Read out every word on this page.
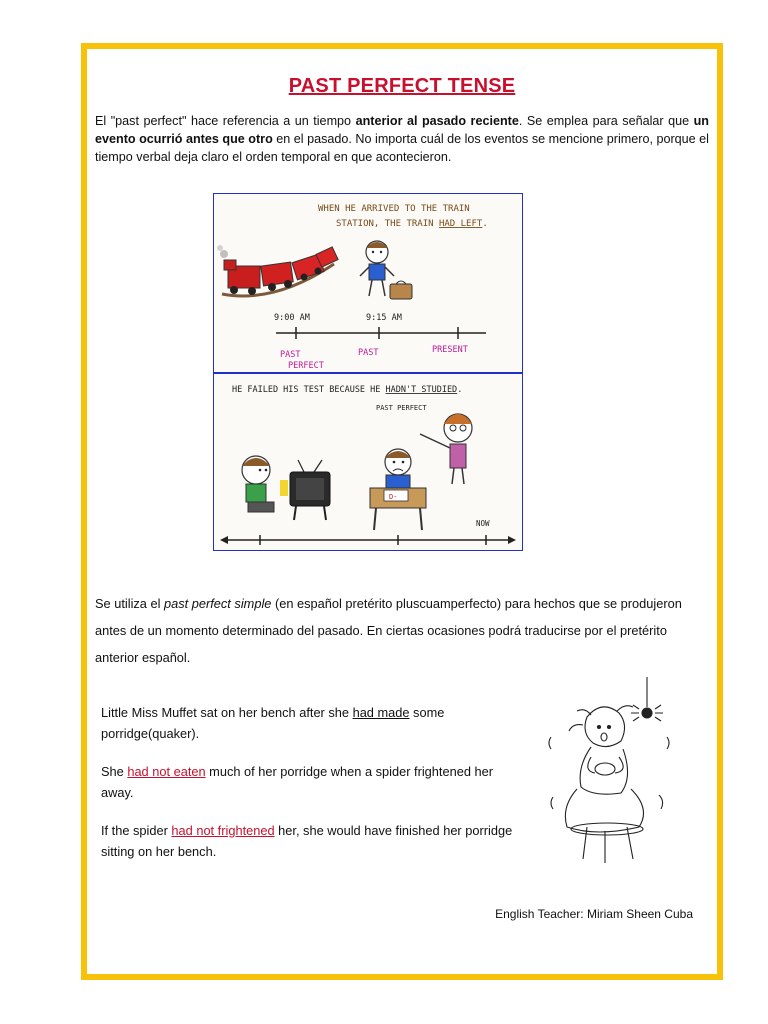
PAST PERFECT TENSE

El "past perfect" hace referencia a un tiempo anterior al pasado reciente. Se emplea para señalar que un evento ocurrió antes que otro en el pasado. No importa cuál de los eventos se mencione primero, porque el tiempo verbal deja claro el orden temporal en que acontecieron.

WHEN HE ARRIVED TO THE TRAIN
STATION, THE TRAIN HAD LEFT.
9:00 AM	9:15 AM
PAST
PERFECT
PAST	PRESENT
HE FAILED HIS TEST BECAUSE HE HADN'T STUDIED.
PAST PERFECT
D-
NOW

Se utiliza el past perfect simple (en español pretérito pluscuamperfecto) para hechos que se produjeron antes de un momento determinado del pasado. En ciertas ocasiones podrá traducirse por el pretérito anterior español.

Little Miss Muffet sat on her bench after she had made some porridge(quaker).

She had not eaten much of her porridge when a spider frightened her away.

If the spider had not frightened her, she would have finished her porridge sitting on her bench.

English Teacher: Miriam Sheen Cuba
